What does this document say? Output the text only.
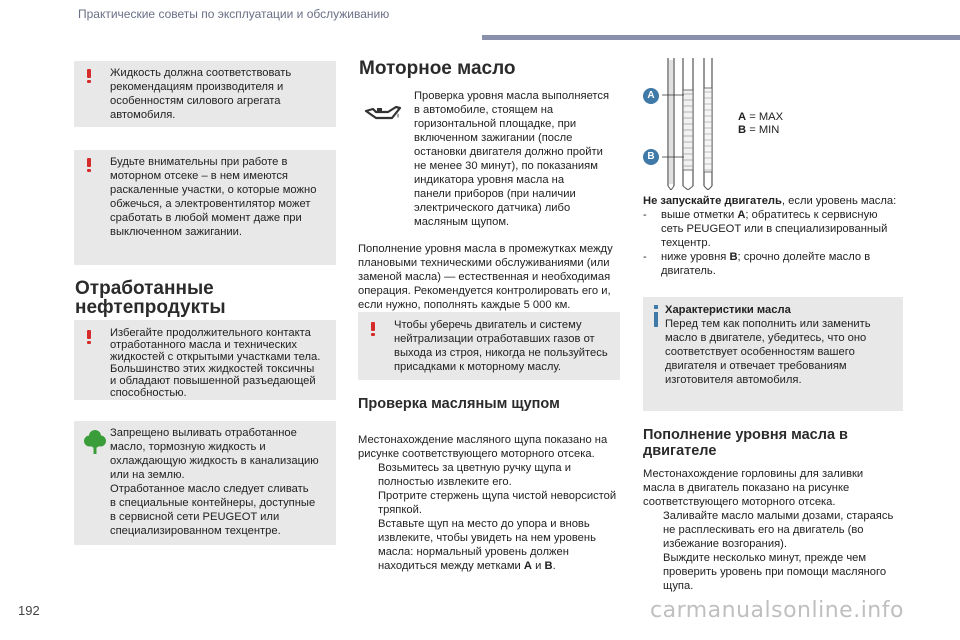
Практические советы по эксплуатации и обслуживанию

Жидкость должна соответствовать

рекомендациям производителя и

особенностям силового агрегата

автомобиля.

Будьте внимательны при работе в

моторном отсеке – в нем имеются

раскаленные участки, о которые можно

обжечься, а электровентилятор может

сработать в любой момент даже при

выключенном зажигании.

Отработанные
нефтепродукты

Избегайте продолжительного контакта

отработанного масла и технических

жидкостей с открытыми участками тела.

Большинство этих жидкостей токсичны

и обладают повышенной разъедающей

способностью.

Запрещено выливать отработанное

масло, тормозную жидкость и

охлаждающую жидкость в канализацию

или на землю.

Отработанное масло следует сливать

в специальные контейнеры, доступные

в сервисной сети PEUGEOT или

специализированном техцентре.

Моторное масло
Проверка уровня масла выполняется
в автомобиле, стоящем на
горизонтальной площадке, при
включенном зажигании (после
остановки двигателя должно пройти
не менее 30 минут), по показаниям
индикатора уровня масла на
панели приборов (при наличии
электрического датчика) либо
масляным щупом.
Пополнение уровня масла в промежутках между
плановыми техническими обслуживаниями (или
заменой масла) — естественная и необходимая
операция. Рекомендуется контролировать его и,
если нужно, пополнять каждые 5 000 км.

Чтобы уберечь двигатель и систему

нейтрализации отработавших газов от

выхода из строя, никогда не пользуйтесь

присадками к моторному маслу.

Проверка масляным щупом
Местонахождение масляного щупа показано на
рисунке соответствующего моторного отсека.
Возьмитесь за цветную ручку щупа и
полностью извлеките его.
Протрите стержень щупа чистой неворсистой
тряпкой.
Вставьте щуп на место до упора и вновь
извлеките, чтобы увидеть на нем уровень
масла: нормальный уровень должен
находиться между метками A и B.
A
B
A = MAX
B = MIN
Не запускайте двигатель, если уровень масла:
-	выше отметки A; обратитесь к сервисную
сеть PEUGEOT или в специализированный
техцентр.
-	ниже уровня B; срочно долейте масло в
двигатель.

Характеристики масла

Перед тем как пополнить или заменить

масло в двигателе, убедитесь, что оно

соответствует особенностям вашего

двигателя и отвечает требованиям

изготовителя автомобиля.

Пополнение уровня масла в
двигателе
Местонахождение горловины для заливки
масла в двигатель показано на рисунке
соответствующего моторного отсека.
Заливайте масло малыми дозами, стараясь
не расплескивать его на двигатель (во
избежание возгорания).
Выждите несколько минут, прежде чем
проверить уровень при помощи масляного
щупа.
192	carmanualsonline.info
